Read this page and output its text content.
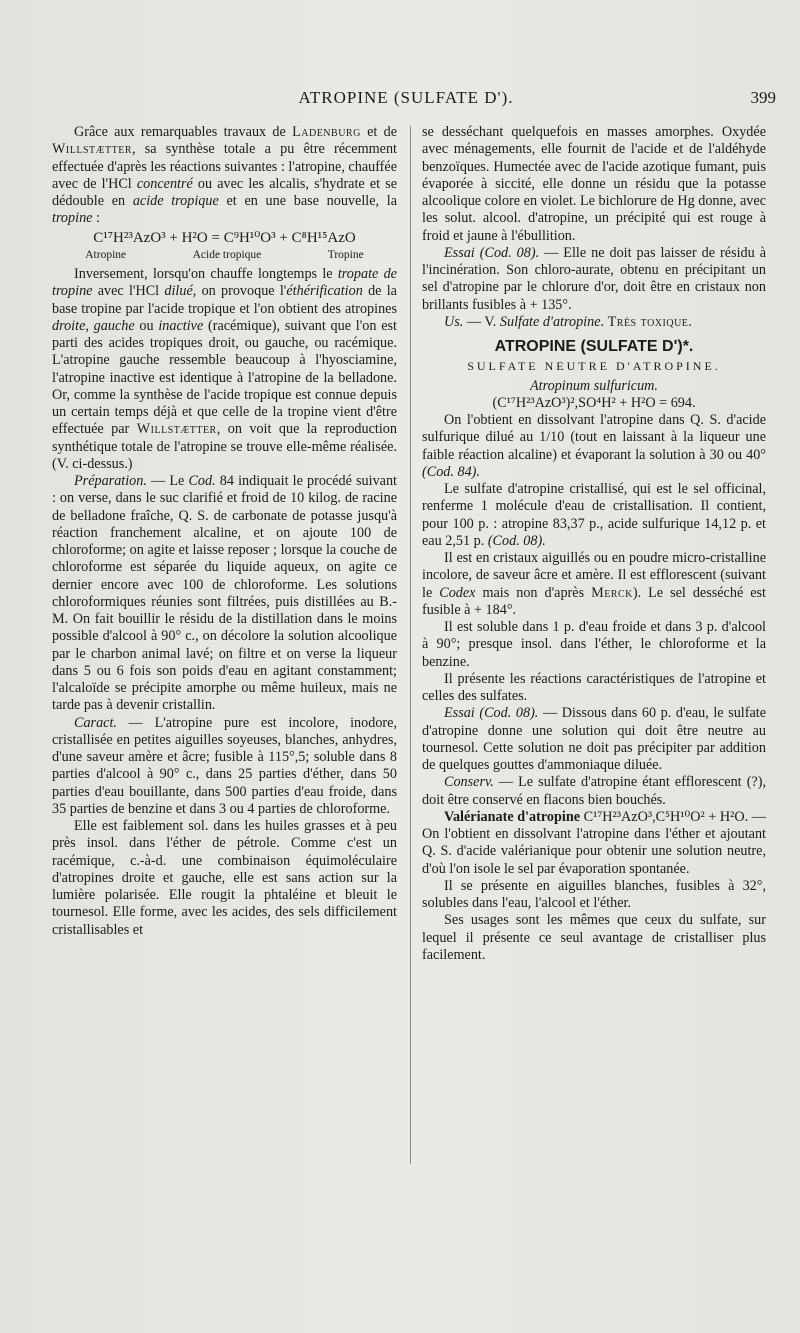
ATROPINE (SULFATE D').	399

Grâce aux remarquables travaux de Ladenburg et de Willstætter, sa synthèse totale a pu être récemment effectuée d'après les réactions suivantes : l'atropine, chauffée avec de l'HCl concentré ou avec les alcalis, s'hydrate et se dédouble en acide tropique et en une base nouvelle, la tropine :

C¹⁷H²³AzO³ + H²O = C⁹H¹⁰O³ + C⁸H¹⁵AzO

Atropine	Acide tropique	Tropine

Inversement, lorsqu'on chauffe longtemps le tropate de tropine avec l'HCl dilué, on provoque l'éthérification de la base tropine par l'acide tropique et l'on obtient des atropines droite, gauche ou inactive (racémique), suivant que l'on est parti des acides tropiques droit, ou gauche, ou racémique. L'atropine gauche ressemble beaucoup à l'hyosciamine, l'atropine inactive est identique à l'atropine de la belladone. Or, comme la synthèse de l'acide tropique est connue depuis un certain temps déjà et que celle de la tropine vient d'être effectuée par Willstætter, on voit que la reproduction synthétique totale de l'atropine se trouve elle-même réalisée. (V. ci-dessus.)

Préparation. — Le Cod. 84 indiquait le procédé suivant : on verse, dans le suc clarifié et froid de 10 kilog. de racine de belladone fraîche, Q. S. de carbonate de potasse jusqu'à réaction franchement alcaline, et on ajoute 100 de chloroforme; on agite et laisse reposer ; lorsque la couche de chloroforme est séparée du liquide aqueux, on agite ce dernier encore avec 100 de chloroforme. Les solutions chloroformiques réunies sont filtrées, puis distillées au B.-M. On fait bouillir le résidu de la distillation dans le moins possible d'alcool à 90° c., on décolore la solution alcoolique par le charbon animal lavé; on filtre et on verse la liqueur dans 5 ou 6 fois son poids d'eau en agitant constamment; l'alcaloïde se précipite amorphe ou même huileux, mais ne tarde pas à devenir cristallin.

Caract. — L'atropine pure est incolore, inodore, cristallisée en petites aiguilles soyeuses, blanches, anhydres, d'une saveur amère et âcre; fusible à 115°,5; soluble dans 8 parties d'alcool à 90° c., dans 25 parties d'éther, dans 50 parties d'eau bouillante, dans 500 parties d'eau froide, dans 35 parties de benzine et dans 3 ou 4 parties de chloroforme.

Elle est faiblement sol. dans les huiles grasses et à peu près insol. dans l'éther de pétrole. Comme c'est un racémique, c.-à-d. une combinaison équimoléculaire d'atropines droite et gauche, elle est sans action sur la lumière polarisée. Elle rougit la phtaléine et bleuit le tournesol. Elle forme, avec les acides, des sels difficilement cristallisables et

se desséchant quelquefois en masses amorphes. Oxydée avec ménagements, elle fournit de l'acide et de l'aldéhyde benzoïques. Humectée avec de l'acide azotique fumant, puis évaporée à siccité, elle donne un résidu que la potasse alcoolique colore en violet. Le bichlorure de Hg donne, avec les solut. alcool. d'atropine, un précipité qui est rouge à froid et jaune à l'ébullition.

Essai (Cod. 08). — Elle ne doit pas laisser de résidu à l'incinération. Son chloro-aurate, obtenu en précipitant un sel d'atropine par le chlorure d'or, doit être en cristaux non brillants fusibles à + 135°.

Us. — V. Sulfate d'atropine. Très toxique.

ATROPINE (SULFATE D')*.
SULFATE NEUTRE D'ATROPINE.

Atropinum sulfuricum.

(C¹⁷H²³AzO³)²,SO⁴H² + H²O = 694.

On l'obtient en dissolvant l'atropine dans Q. S. d'acide sulfurique dilué au 1/10 (tout en laissant à la liqueur une faible réaction alcaline) et évaporant la solution à 30 ou 40° (Cod. 84).

Le sulfate d'atropine cristallisé, qui est le sel officinal, renferme 1 molécule d'eau de cristallisation. Il contient, pour 100 p. : atropine 83,37 p., acide sulfurique 14,12 p. et eau 2,51 p. (Cod. 08).

Il est en cristaux aiguillés ou en poudre micro-cristalline incolore, de saveur âcre et amère. Il est efflorescent (suivant le Codex mais non d'après Merck). Le sel desséché est fusible à + 184°.

Il est soluble dans 1 p. d'eau froide et dans 3 p. d'alcool à 90°; presque insol. dans l'éther, le chloroforme et la benzine.

Il présente les réactions caractéristiques de l'atropine et celles des sulfates.

Essai (Cod. 08). — Dissous dans 60 p. d'eau, le sulfate d'atropine donne une solution qui doit être neutre au tournesol. Cette solution ne doit pas précipiter par addition de quelques gouttes d'ammoniaque diluée.

Conserv. — Le sulfate d'atropine étant efflorescent (?), doit être conservé en flacons bien bouchés.

Valérianate d'atropine C¹⁷H²³AzO³,C⁵H¹⁰O² + H²O. — On l'obtient en dissolvant l'atropine dans l'éther et ajoutant Q. S. d'acide valérianique pour obtenir une solution neutre, d'où l'on isole le sel par évaporation spontanée.

Il se présente en aiguilles blanches, fusibles à 32°, solubles dans l'eau, l'alcool et l'éther.

Ses usages sont les mêmes que ceux du sulfate, sur lequel il présente ce seul avantage de cristalliser plus facilement.
